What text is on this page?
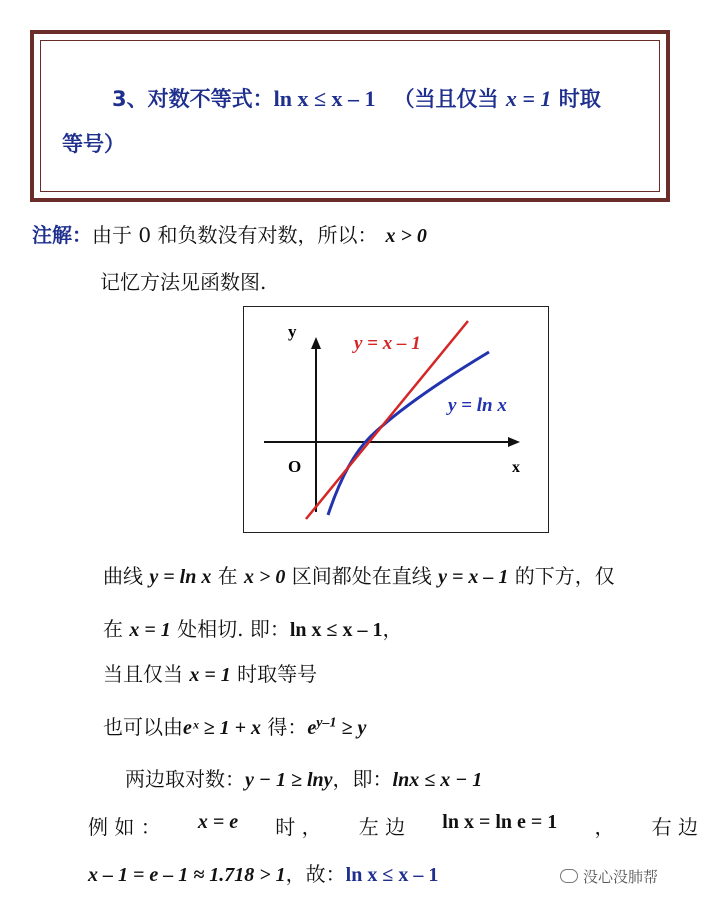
3、对数不等式：ln x ≤ x – 1 （当且仅当 x = 1 时取
等号）
注解：由于 0 和负数没有对数，所以： x > 0
记忆方法见函数图.
y
x
O
y = x – 1
y = ln x
曲线 y = ln x 在 x > 0 区间都处在直线 y = x – 1 的下方，仅
在 x = 1 处相切. 即：ln x ≤ x – 1，
当且仅当 x = 1 时取等号
也可以由eˣ ≥ 1 + x 得：$e^{y-1} \ge y$
两边取对数：y − 1 ≥ lny，即：lnx ≤ x − 1
例 如 ： x = e 时 ， 左 边 ln x = ln e = 1 ， 右 边
x – 1 = e – 1 ≈ 1.718 > 1，故：ln x ≤ x – 1	没心没肺帮
